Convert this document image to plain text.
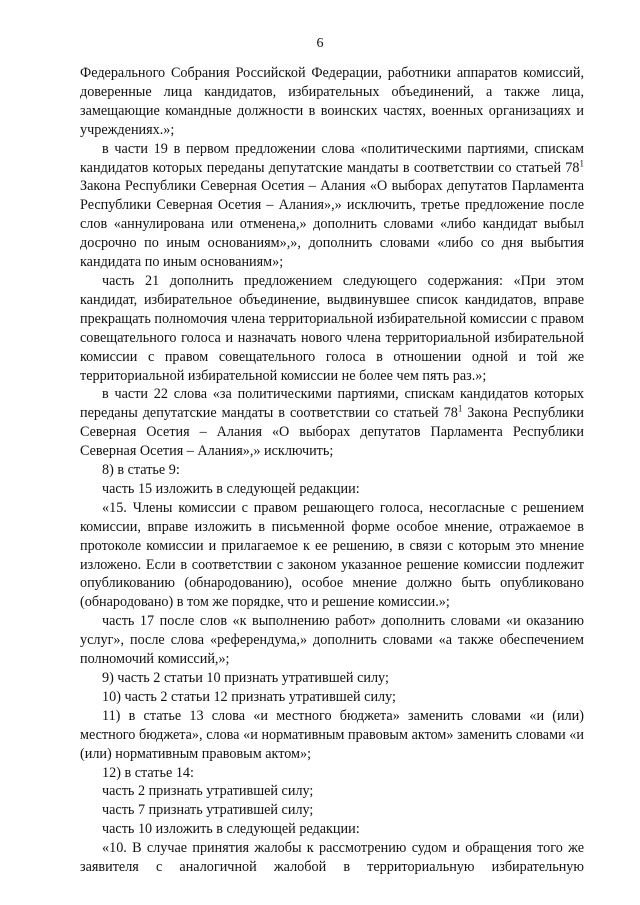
6

Федерального Собрания Российской Федерации, работники аппаратов комиссий, доверенные лица кандидатов, избирательных объединений, а также лица, замещающие командные должности в воинских частях, военных организациях и учреждениях.»;

в части 19 в первом предложении слова «политическими партиями, спискам кандидатов которых переданы депутатские мандаты в соответствии со статьей $78^1$ Закона Республики Северная Осетия – Алания «О выборах депутатов Парламента Республики Северная Осетия – Алания»,» исключить, третье предложение после слов «аннулирована или отменена,» дополнить словами «либо кандидат выбыл досрочно по иным основаниям»,», дополнить словами «либо со дня выбытия кандидата по иным основаниям»;

часть 21 дополнить предложением следующего содержания: «При этом кандидат, избирательное объединение, выдвинувшее список кандидатов, вправе прекращать полномочия члена территориальной избирательной комиссии с правом совещательного голоса и назначать нового члена территориальной избирательной комиссии с правом совещательного голоса в отношении одной и той же территориальной избирательной комиссии не более чем пять раз.»;

в части 22 слова «за политическими партиями, спискам кандидатов которых переданы депутатские мандаты в соответствии со статьей $78^1$ Закона Республики Северная Осетия – Алания «О выборах депутатов Парламента Республики Северная Осетия – Алания»,» исключить;

8) в статье 9:

часть 15 изложить в следующей редакции:

«15. Члены комиссии с правом решающего голоса, несогласные с решением комиссии, вправе изложить в письменной форме особое мнение, отражаемое в протоколе комиссии и прилагаемое к ее решению, в связи с которым это мнение изложено. Если в соответствии с законом указанное решение комиссии подлежит опубликованию (обнародованию), особое мнение должно быть опубликовано (обнародовано) в том же порядке, что и решение комиссии.»;

часть 17 после слов «к выполнению работ» дополнить словами «и оказанию услуг», после слова «референдума,» дополнить словами «а также обеспечением полномочий комиссий,»;

9) часть 2 статьи 10 признать утратившей силу;

10) часть 2 статьи 12 признать утратившей силу;

11) в статье 13 слова «и местного бюджета» заменить словами «и (или) местного бюджета», слова «и нормативным правовым актом» заменить словами «и (или) нормативным правовым актом»;

12) в статье 14:

часть 2 признать утратившей силу;

часть 7 признать утратившей силу;

часть 10 изложить в следующей редакции:

«10. В случае принятия жалобы к рассмотрению судом и обращения того же заявителя с аналогичной жалобой в территориальную избирательную
